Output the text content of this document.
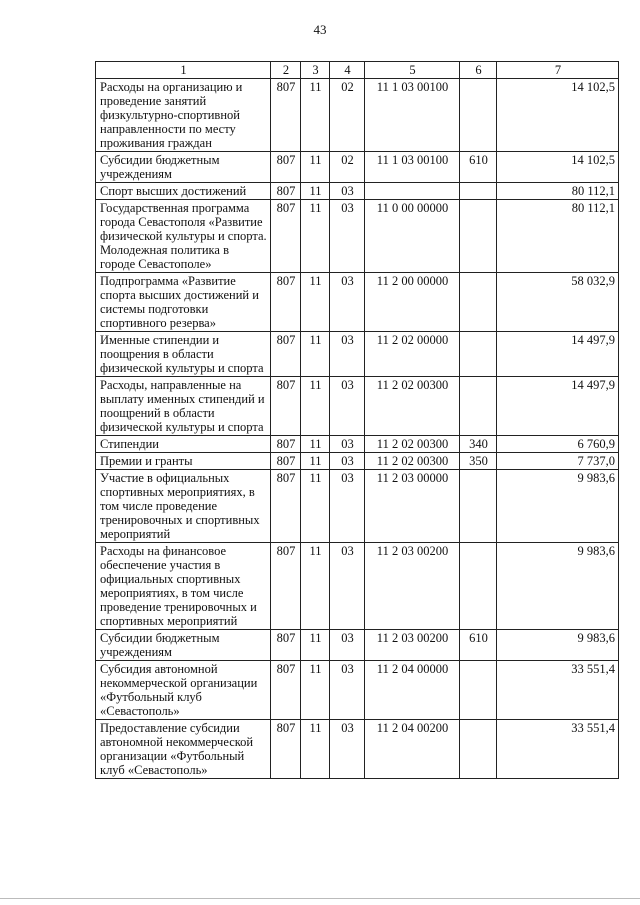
43
1	2	3	4	5	6	7
Расходы на организацию и проведение занятий физкультурно-спортивной направленности по месту проживания граждан	807	11	02	11 1 03 00100		14 102,5
Субсидии бюджетным учреждениям	807	11	02	11 1 03 00100	610	14 102,5
Спорт высших достижений	807	11	03			80 112,1
Государственная программа города Севастополя «Развитие физической культуры и спорта. Молодежная политика в городе Севастополе»	807	11	03	11 0 00 00000		80 112,1
Подпрограмма «Развитие спорта высших достижений и системы подготовки спортивного резерва»	807	11	03	11 2 00 00000		58 032,9
Именные стипендии и поощрения в области физической культуры и спорта	807	11	03	11 2 02 00000		14 497,9
Расходы, направленные на выплату именных стипендий и поощрений в области физической культуры и спорта	807	11	03	11 2 02 00300		14 497,9
Стипендии	807	11	03	11 2 02 00300	340	6 760,9
Премии и гранты	807	11	03	11 2 02 00300	350	7 737,0
Участие в официальных спортивных мероприятиях, в том числе проведение тренировочных и спортивных мероприятий	807	11	03	11 2 03 00000		9 983,6
Расходы на финансовое обеспечение участия в официальных спортивных мероприятиях, в том числе проведение тренировочных и спортивных мероприятий	807	11	03	11 2 03 00200		9 983,6
Субсидии бюджетным учреждениям	807	11	03	11 2 03 00200	610	9 983,6
Субсидия автономной некоммерческой организации «Футбольный клуб «Севастополь»	807	11	03	11 2 04 00000		33 551,4
Предоставление субсидии автономной некоммерческой организации «Футбольный клуб «Севастополь»	807	11	03	11 2 04 00200		33 551,4
